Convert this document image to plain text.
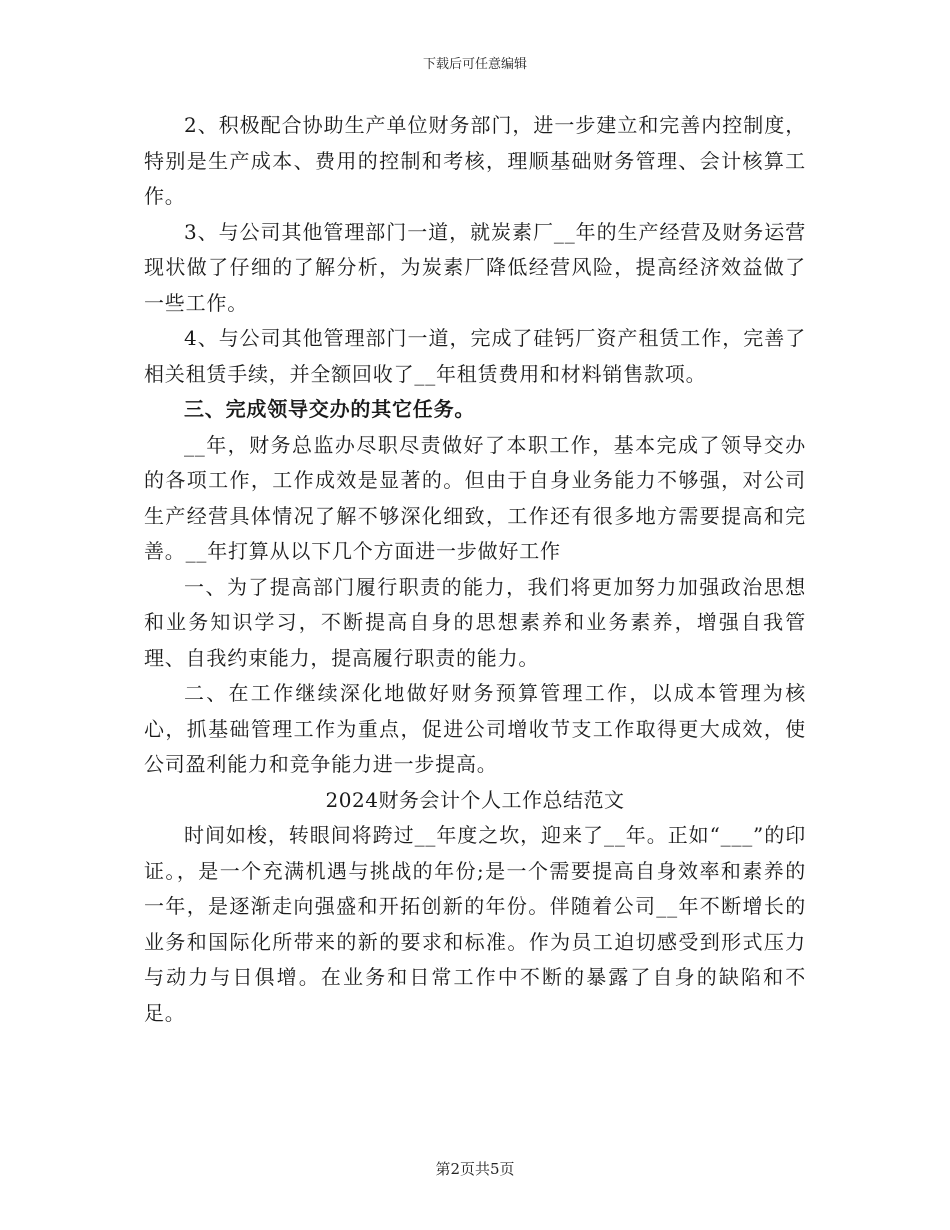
下载后可任意编辑

2、积极配合协助生产单位财务部门，进一步建立和完善内控制度，特别是生产成本、费用的控制和考核，理顺基础财务管理、会计核算工作。

3、与公司其他管理部门一道，就炭素厂__年的生产经营及财务运营现状做了仔细的了解分析，为炭素厂降低经营风险，提高经济效益做了一些工作。

4、与公司其他管理部门一道，完成了硅钙厂资产租赁工作，完善了相关租赁手续，并全额回收了__年租赁费用和材料销售款项。

三、完成领导交办的其它任务。

__年，财务总监办尽职尽责做好了本职工作，基本完成了领导交办的各项工作，工作成效是显著的。但由于自身业务能力不够强，对公司生产经营具体情况了解不够深化细致，工作还有很多地方需要提高和完善。__年打算从以下几个方面进一步做好工作

一、为了提高部门履行职责的能力，我们将更加努力加强政治思想和业务知识学习，不断提高自身的思想素养和业务素养，增强自我管理、自我约束能力，提高履行职责的能力。

二、在工作继续深化地做好财务预算管理工作，以成本管理为核心，抓基础管理工作为重点，促进公司增收节支工作取得更大成效，使公司盈利能力和竞争能力进一步提高。

2024财务会计个人工作总结范文

时间如梭，转眼间将跨过__年度之坎，迎来了__年。正如“___”的印证。，是一个充满机遇与挑战的年份;是一个需要提高自身效率和素养的一年，是逐渐走向强盛和开拓创新的年份。伴随着公司__年不断增长的业务和国际化所带来的新的要求和标准。作为员工迫切感受到形式压力与动力与日俱增。在业务和日常工作中不断的暴露了自身的缺陷和不足。

第2页共5页
